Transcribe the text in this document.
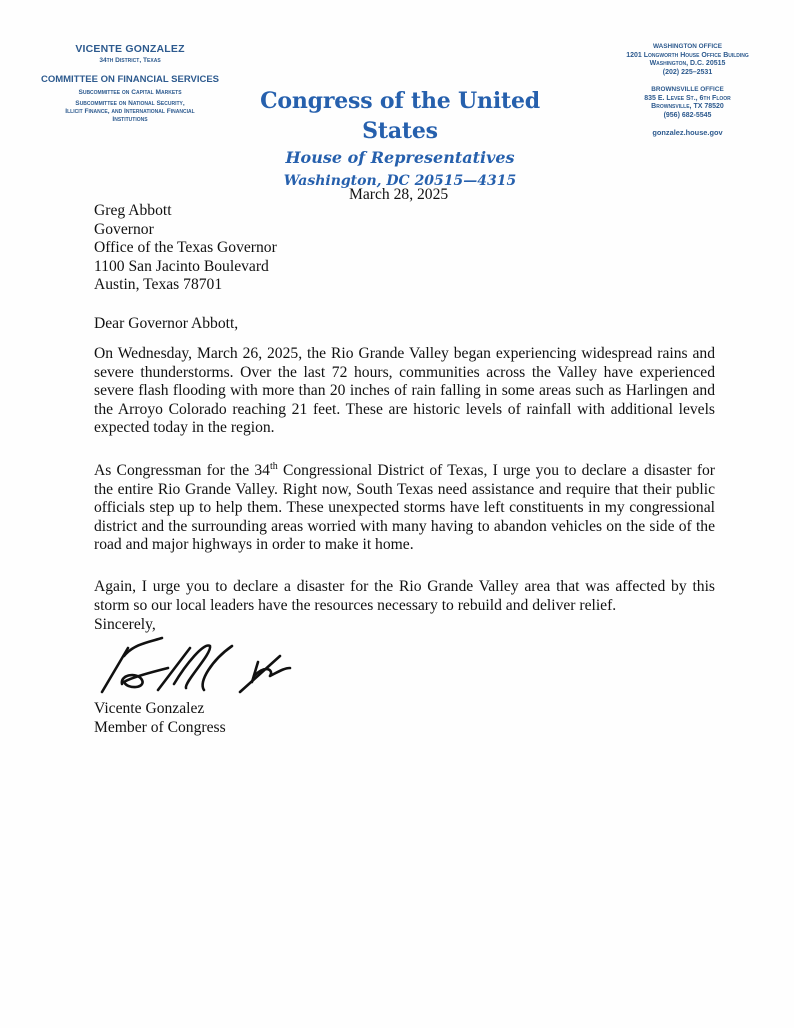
VICENTE GONZALEZ
34th District, Texas
COMMITTEE ON FINANCIAL SERVICES
Subcommittee on Capital Markets
Subcommittee on National Security,
Illicit Finance, and International Financial
Institutions
Congress of the United States
House of Representatives
Washington, DC 20515—4315
WASHINGTON OFFICE
1201 Longworth House Office Building
Washington, D.C. 20515
(202) 225–2531
BROWNSVILLE OFFICE
835 E. Levee St., 6th Floor
Brownsville, TX 78520
(956) 682-5545
gonzalez.house.gov
March 28, 2025
Greg Abbott
Governor
Office of the Texas Governor
1100 San Jacinto Boulevard
Austin, Texas 78701
Dear Governor Abbott,
On Wednesday, March 26, 2025, the Rio Grande Valley began experiencing widespread rains and severe thunderstorms. Over the last 72 hours, communities across the Valley have experienced severe flash flooding with more than 20 inches of rain falling in some areas such as Harlingen and the Arroyo Colorado reaching 21 feet. These are historic levels of rainfall with additional levels expected today in the region.
As Congressman for the 34th Congressional District of Texas, I urge you to declare a disaster for the entire Rio Grande Valley. Right now, South Texas need assistance and require that their public officials step up to help them. These unexpected storms have left constituents in my congressional district and the surrounding areas worried with many having to abandon vehicles on the side of the road and major highways in order to make it home.
Again, I urge you to declare a disaster for the Rio Grande Valley area that was affected by this storm so our local leaders have the resources necessary to rebuild and deliver relief.
Sincerely,
Vicente Gonzalez
Member of Congress
